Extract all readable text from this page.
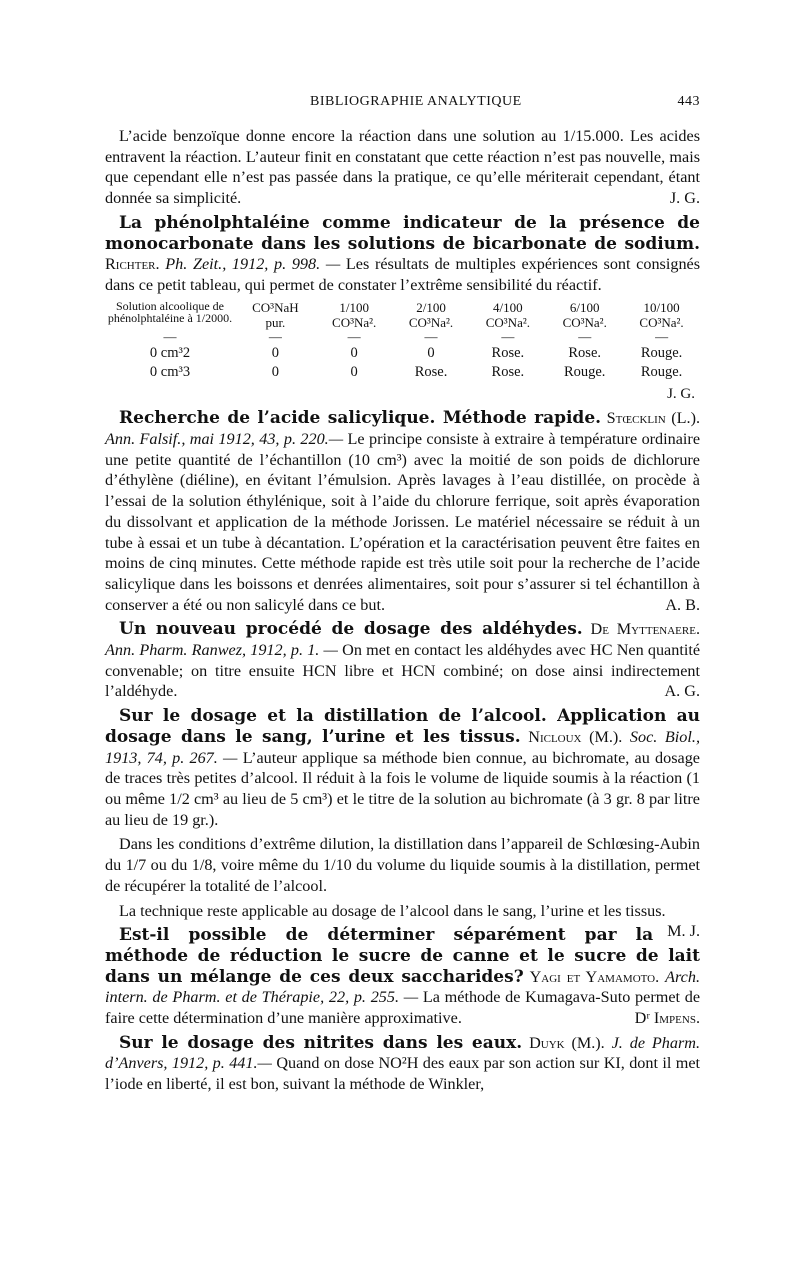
BIBLIOGRAPHIE ANALYTIQUE	443

L’acide benzoïque donne encore la réaction dans une solution au 1/15.000. Les acides entravent la réaction. L’auteur finit en constatant que cette réaction n’est pas nouvelle, mais que cependant elle n’est pas passée dans la pratique, ce qu’elle mériterait cependant, étant donnée sa simplicité.	J. G.

La phénolphtaléine comme indicateur de la présence de monocarbonate dans les solutions de bicarbonate de sodium. Richter. Ph. Zeit., 1912, p. 998. — Les résultats de multiples expériences sont consignés dans ce petit tableau, qui permet de constater l’extrême sensibilité du réactif.

Solution alcoolique de phénolphtaléine à 1/2000.	CO³NaH	1/100	2/100	4/100	6/100	10/100
	pur.	CO³Na².	CO³Na².	CO³Na².	CO³Na².	CO³Na².
—	—	—	—	—	—	—
0 cm³2	0	0	0	Rose.	Rose.	Rouge.
0 cm³3	0	0	Rose.	Rose.	Rouge.	Rouge.
J. G.

Recherche de l’acide salicylique. Méthode rapide. Stœcklin (L.). Ann. Falsif., mai 1912, 43, p. 220.— Le principe consiste à extraire à température ordinaire une petite quantité de l’échantillon (10 cm³) avec la moitié de son poids de dichlorure d’éthylène (diéline), en évitant l’émulsion. Après lavages à l’eau distillée, on procède à l’essai de la solution éthylénique, soit à l’aide du chlorure ferrique, soit après évaporation du dissolvant et application de la méthode Jorissen. Le matériel nécessaire se réduit à un tube à essai et un tube à décantation. L’opération et la caractérisation peuvent être faites en moins de cinq minutes. Cette méthode rapide est très utile soit pour la recherche de l’acide salicylique dans les boissons et denrées alimentaires, soit pour s’assurer si tel échantillon à conserver a été ou non salicylé dans ce but.	A. B.

Un nouveau procédé de dosage des aldéhydes. De Myttenaere. Ann. Pharm. Ranwez, 1912, p. 1. — On met en contact les aldéhydes avec HC Nen quantité convenable; on titre ensuite HCN libre et HCN combiné; on dose ainsi indirectement l’aldéhyde.	A. G.

Sur le dosage et la distillation de l’alcool. Application au dosage dans le sang, l’urine et les tissus. Nicloux (M.). Soc. Biol., 1913, 74, p. 267. — L’auteur applique sa méthode bien connue, au bichromate, au dosage de traces très petites d’alcool. Il réduit à la fois le volume de liquide soumis à la réaction (1 ou même 1/2 cm³ au lieu de 5 cm³) et le titre de la solution au bichromate (à 3 gr. 8 par litre au lieu de 19 gr.).

Dans les conditions d’extrême dilution, la distillation dans l’appareil de Schlœsing-Aubin du 1/7 ou du 1/8, voire même du 1/10 du volume du liquide soumis à la distillation, permet de récupérer la totalité de l’alcool.

La technique reste applicable au dosage de l’alcool dans le sang, l’urine et les tissus.
M. J.

Est-il possible de déterminer séparément par la méthode de réduction le sucre de canne et le sucre de lait dans un mélange de ces deux saccharides? Yagi et Yamamoto. Arch. intern. de Pharm. et de Thérapie, 22, p. 255. — La méthode de Kumagava-Suto permet de faire cette détermination d’une manière approximative.	Dʳ Impens.

Sur le dosage des nitrites dans les eaux. Duyk (M.). J. de Pharm. d’Anvers, 1912, p. 441.— Quand on dose NO²H des eaux par son action sur KI, dont il met l’iode en liberté, il est bon, suivant la méthode de Winkler,
